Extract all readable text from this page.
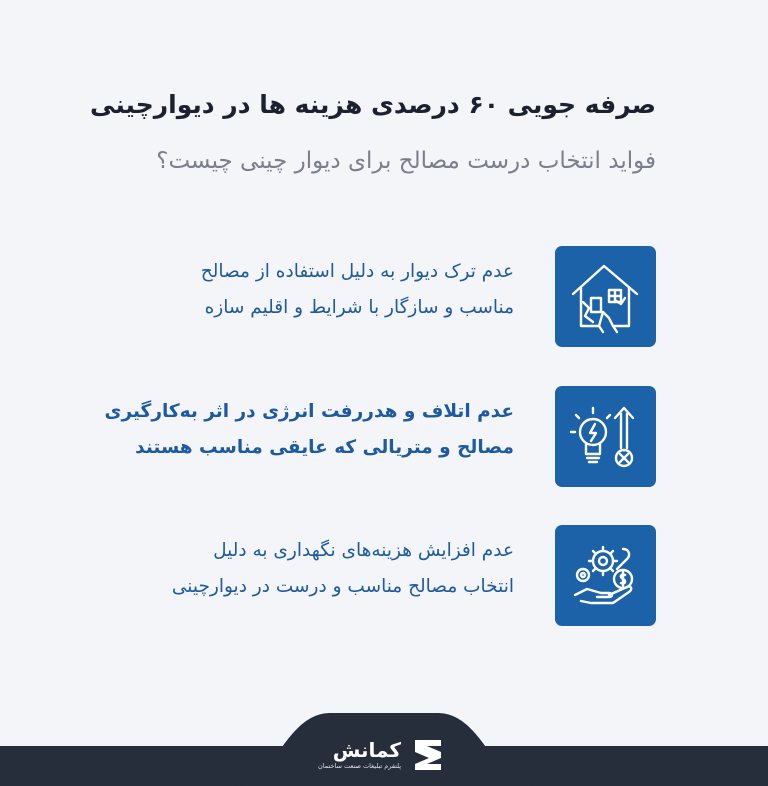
صرفه جویی ۶۰ درصدی هزینه ها در دیوارچینی
فواید انتخاب درست مصالح برای دیوار چینی چیست؟
عدم ترک دیوار به دلیل استفاده از مصالح
مناسب و سازگار با شرایط و اقلیم سازه
عدم اتلاف و هدررفت انرژی در اثر به‌کارگیری
مصالح و متریالی که عایقی مناسب هستند
عدم افزایش هزینه‌های نگهداری به دلیل
انتخاب مصالح مناسب و درست در دیوارچینی
کمانش
پلتفرم تبلیغات صنعت ساختمان
